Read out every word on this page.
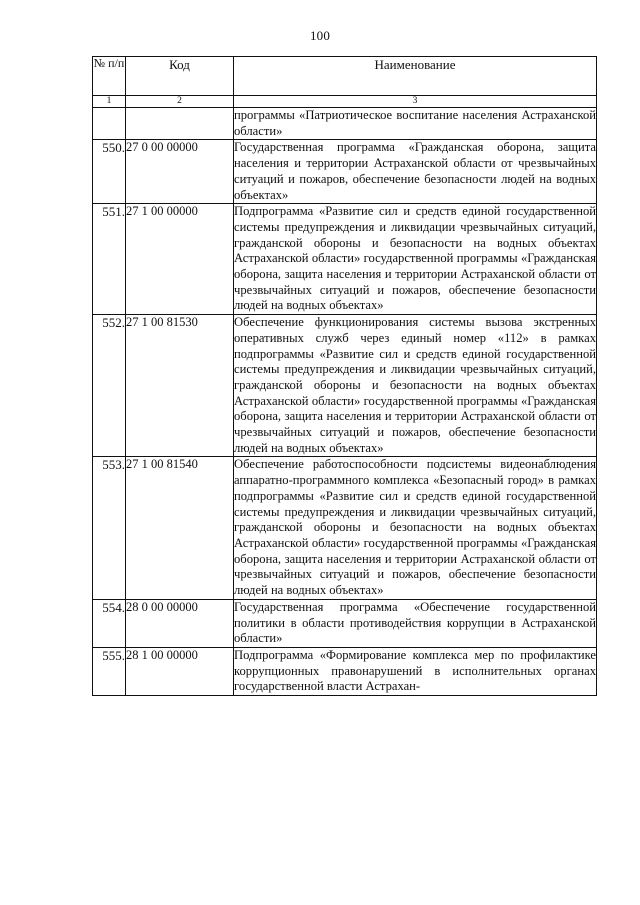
100
№ п/п	Код	Наименование
1	2	3
		программы «Патриотическое воспитание населения Астраханской области»
550.	27 0 00 00000	Государственная программа «Гражданская оборона, защита населения и территории Астраханской области от чрезвычайных ситуаций и пожаров, обеспечение безопасности людей на водных объектах»
551.	27 1 00 00000	Подпрограмма «Развитие сил и средств единой государственной системы предупреждения и ликвидации чрезвычайных ситуаций, гражданской обороны и безопасности на водных объектах Астраханской области» государственной программы «Гражданская оборона, защита населения и территории Астраханской области от чрезвычайных ситуаций и пожаров, обеспечение безопасности людей на водных объектах»
552.	27 1 00 81530	Обеспечение функционирования системы вызова экстренных оперативных служб через единый номер «112» в рамках подпрограммы «Развитие сил и средств единой государственной системы предупреждения и ликвидации чрезвычайных ситуаций, гражданской обороны и безопасности на водных объектах Астраханской области» государственной программы «Гражданская оборона, защита населения и территории Астраханской области от чрезвычайных ситуаций и пожаров, обеспечение безопасности людей на водных объектах»
553.	27 1 00 81540	Обеспечение работоспособности подсистемы видеонаблюдения аппаратно-программного комплекса «Безопасный город» в рамках подпрограммы «Развитие сил и средств единой государственной системы предупреждения и ликвидации чрезвычайных ситуаций, гражданской обороны и безопасности на водных объектах Астраханской области» государственной программы «Гражданская оборона, защита населения и территории Астраханской области от чрезвычайных ситуаций и пожаров, обеспечение безопасности людей на водных объектах»
554.	28 0 00 00000	Государственная программа «Обеспечение государственной политики в области противодействия коррупции в Астраханской области»
555.	28 1 00 00000	Подпрограмма «Формирование комплекса мер по профилактике коррупционных правонарушений в исполнительных органах государственной власти Астрахан-
